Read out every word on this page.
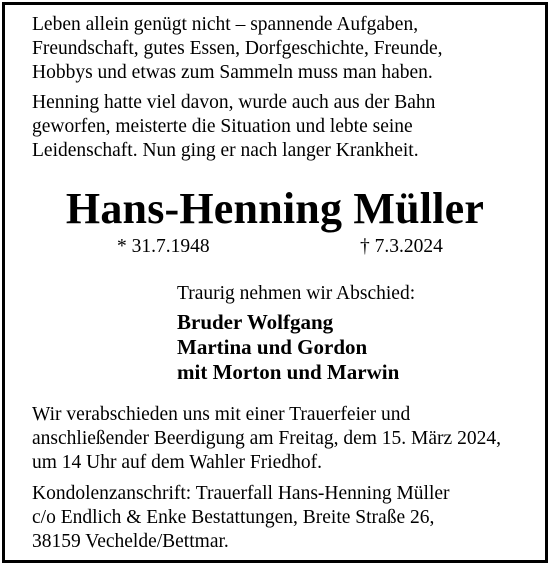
Leben allein genügt nicht – spannende Aufgaben,
Freundschaft, gutes Essen, Dorfgeschichte, Freunde,
Hobbys und etwas zum Sammeln muss man haben.

Henning hatte viel davon, wurde auch aus der Bahn
geworfen, meisterte die Situation und lebte seine
Leidenschaft. Nun ging er nach langer Krankheit.

Hans-Henning Müller
* 31.7.1948	† 7.3.2024
Traurig nehmen wir Abschied:
Bruder Wolfgang
Martina und Gordon
mit Morton und Marwin

Wir verabschieden uns mit einer Trauerfeier und
anschließender Beerdigung am Freitag, dem 15. März 2024,
um 14 Uhr auf dem Wahler Friedhof.

Kondolenzanschrift: Trauerfall Hans-Henning Müller
c/o Endlich & Enke Bestattungen, Breite Straße 26,
38159 Vechelde/Bettmar.
